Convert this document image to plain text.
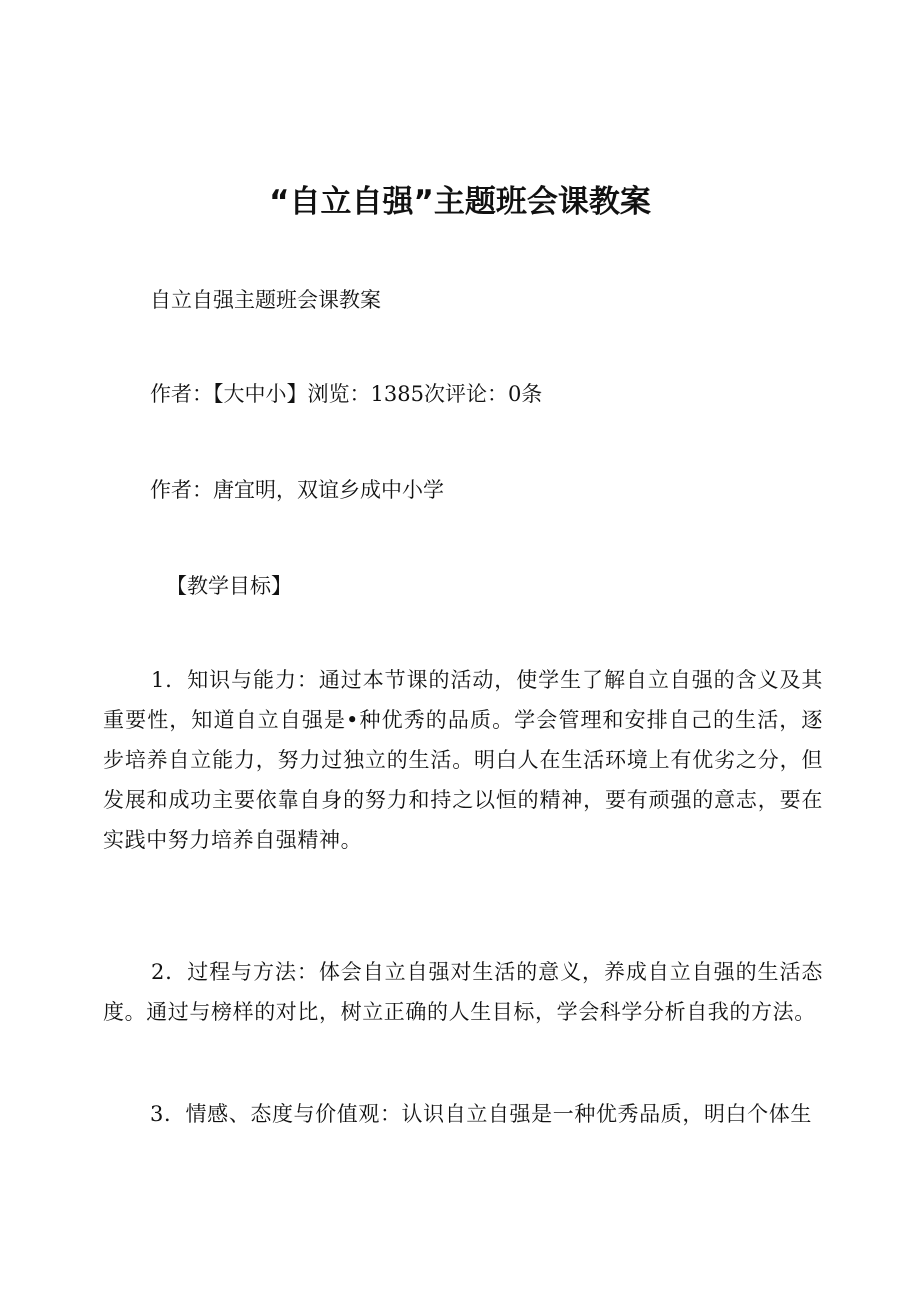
“自立自强”主题班会课教案
自立自强主题班会课教案
作者：【大中小】浏览：1385次评论：0条
作者：唐宜明，双谊乡成中小学
【教学目标】
1．知识与能力：通过本节课的活动，使学生了解自立自强的含义及其重要性，知道自立自强是•种优秀的品质。学会管理和安排自己的生活，逐步培养自立能力，努力过独立的生活。明白人在生活环境上有优劣之分，但发展和成功主要依靠自身的努力和持之以恒的精神，要有顽强的意志，要在实践中努力培养自强精神。
2．过程与方法：体会自立自强对生活的意义，养成自立自强的生活态度。通过与榜样的对比，树立正确的人生目标，学会科学分析自我的方法。
3．情感、态度与价值观：认识自立自强是一种优秀品质，明白个体生
